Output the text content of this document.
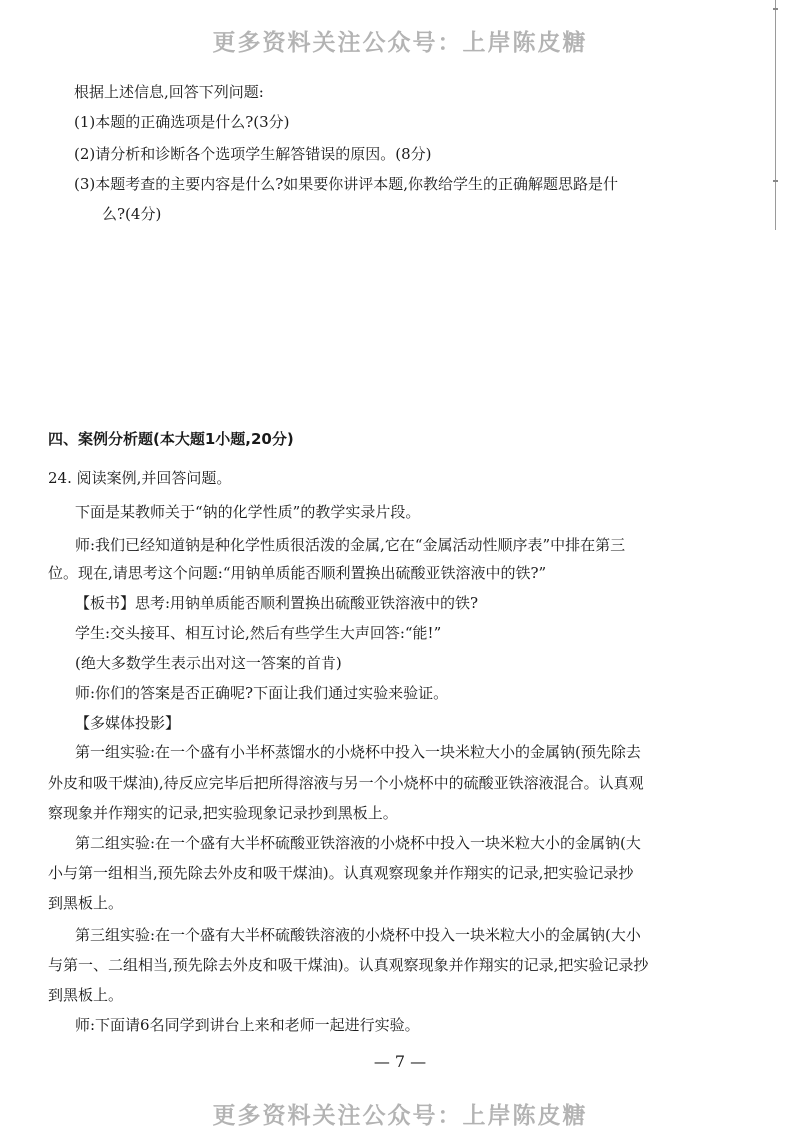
更多资料关注公众号：上岸陈皮糖
根据上述信息,回答下列问题:
(1)本题的正确选项是什么?(3分)
(2)请分析和诊断各个选项学生解答错误的原因。(8分)
(3)本题考查的主要内容是什么?如果要你讲评本题,你教给学生的正确解题思路是什
么?(4分)
四、案例分析题(本大题1小题,20分)
24. 阅读案例,并回答问题。
下面是某教师关于“钠的化学性质”的教学实录片段。
师:我们已经知道钠是种化学性质很活泼的金属,它在“金属活动性顺序表”中排在第三
位。现在,请思考这个问题:“用钠单质能否顺利置换出硫酸亚铁溶液中的铁?”
【板书】思考:用钠单质能否顺利置换出硫酸亚铁溶液中的铁?
学生:交头接耳、相互讨论,然后有些学生大声回答:“能!”
(绝大多数学生表示出对这一答案的首肯)
师:你们的答案是否正确呢?下面让我们通过实验来验证。
【多媒体投影】
第一组实验:在一个盛有小半杯蒸馏水的小烧杯中投入一块米粒大小的金属钠(预先除去
外皮和吸干煤油),待反应完毕后把所得溶液与另一个小烧杯中的硫酸亚铁溶液混合。认真观
察现象并作翔实的记录,把实验现象记录抄到黑板上。
第二组实验:在一个盛有大半杯硫酸亚铁溶液的小烧杯中投入一块米粒大小的金属钠(大
小与第一组相当,预先除去外皮和吸干煤油)。认真观察现象并作翔实的记录,把实验记录抄
到黑板上。
第三组实验:在一个盛有大半杯硫酸铁溶液的小烧杯中投入一块米粒大小的金属钠(大小
与第一、二组相当,预先除去外皮和吸干煤油)。认真观察现象并作翔实的记录,把实验记录抄
到黑板上。
师:下面请6名同学到讲台上来和老师一起进行实验。
— 7 —
更多资料关注公众号：上岸陈皮糖
